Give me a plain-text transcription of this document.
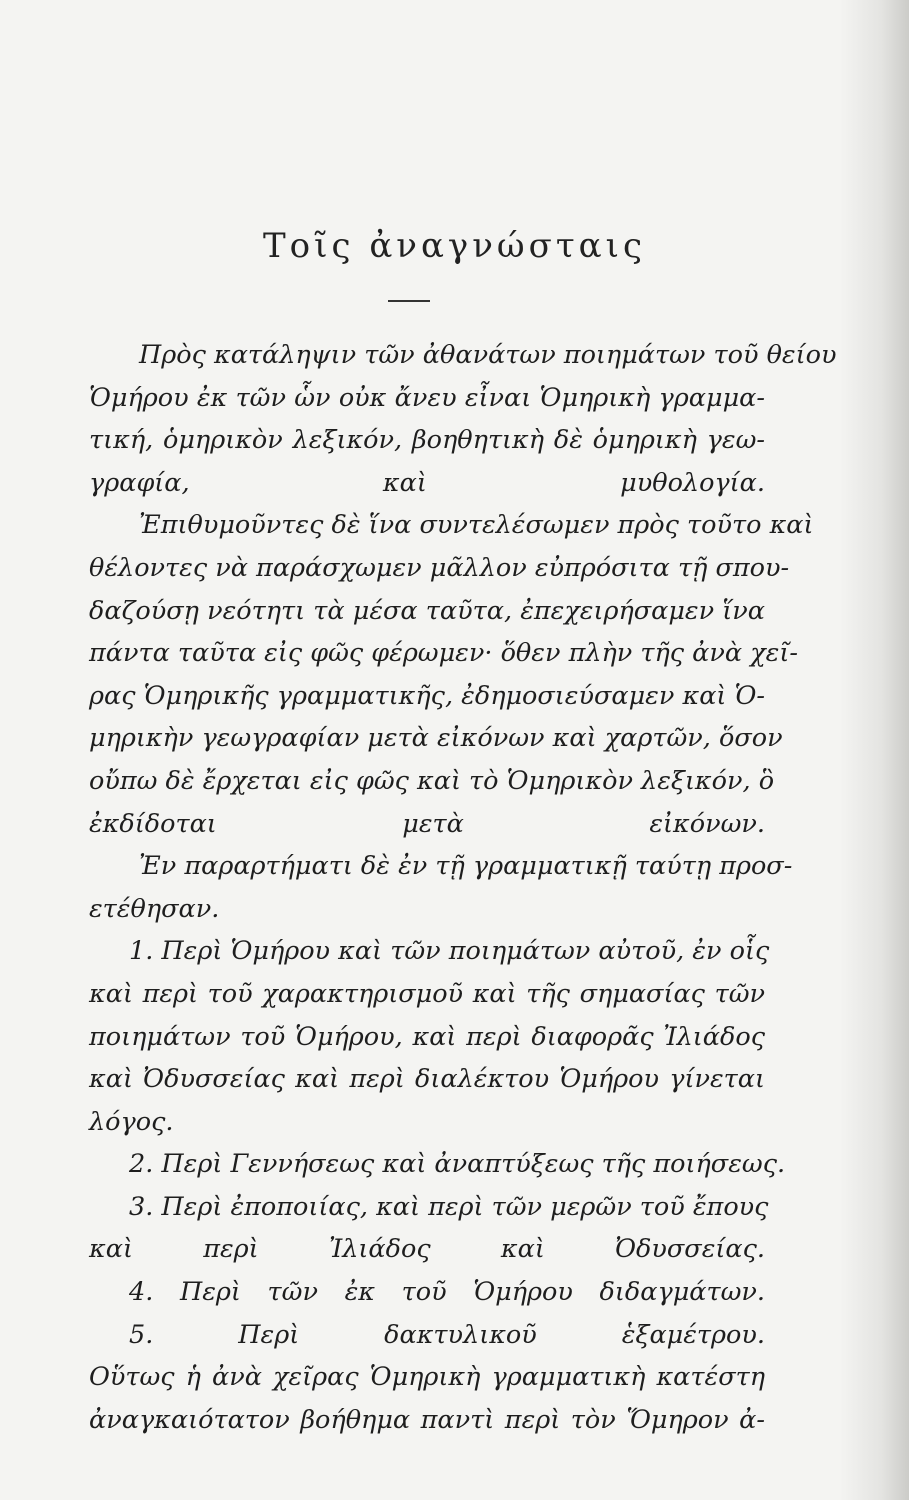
Τοῖς ἀναγνώσταις
Πρὸς κατάληψιν τῶν ἀθανάτων ποιημάτων τοῦ θείου
Ὁμήρου ἐκ τῶν ὧν οὐκ ἄνευ εἶναι Ὁμηρικὴ γραμμα-
τική, ὁμηρικὸν λεξικόν, βοηθητικὴ δὲ ὁμηρικὴ γεω-
γραφία, καὶ μυθολογία.
Ἐπιθυμοῦντες δὲ ἵνα συντελέσωμεν πρὸς τοῦτο καὶ
θέλοντες νὰ παράσχωμεν μᾶλλον εὐπρόσιτα τῇ σπου-
δαζούσῃ νεότητι τὰ μέσα ταῦτα, ἐπεχειρήσαμεν ἵνα
πάντα ταῦτα εἰς φῶς φέρωμεν· ὅθεν πλὴν τῆς ἀνὰ χεῖ-
ρας Ὁμηρικῆς γραμματικῆς, ἐδημοσιεύσαμεν καὶ Ὁ-
μηρικὴν γεωγραφίαν μετὰ εἰκόνων καὶ χαρτῶν, ὅσον
οὔπω δὲ ἔρχεται εἰς φῶς καὶ τὸ Ὁμηρικὸν λεξικόν, ὃ
ἐκδίδοται μετὰ εἰκόνων.
Ἐν παραρτήματι δὲ ἐν τῇ γραμματικῇ ταύτῃ προσ-
ετέθησαν.
1. Περὶ Ὁμήρου καὶ τῶν ποιημάτων αὐτοῦ, ἐν οἷς
καὶ περὶ τοῦ χαρακτηρισμοῦ καὶ τῆς σημασίας τῶν
ποιημάτων τοῦ Ὁμήρου, καὶ περὶ διαφορᾶς Ἰλιάδος
καὶ Ὀδυσσείας καὶ περὶ διαλέκτου Ὁμήρου γίνεται
λόγος.
2. Περὶ Γεννήσεως καὶ ἀναπτύξεως τῆς ποιήσεως.
3. Περὶ ἐποποιίας, καὶ περὶ τῶν μερῶν τοῦ ἔπους
καὶ περὶ Ἰλιάδος καὶ Ὀδυσσείας.
4. Περὶ τῶν ἐκ τοῦ Ὁμήρου διδαγμάτων.
5. Περὶ δακτυλικοῦ ἑξαμέτρου.
Οὕτως ἡ ἀνὰ χεῖρας Ὁμηρικὴ γραμματικὴ κατέστη
ἀναγκαιότατον βοήθημα παντὶ περὶ τὸν Ὅμηρον ἀ-
